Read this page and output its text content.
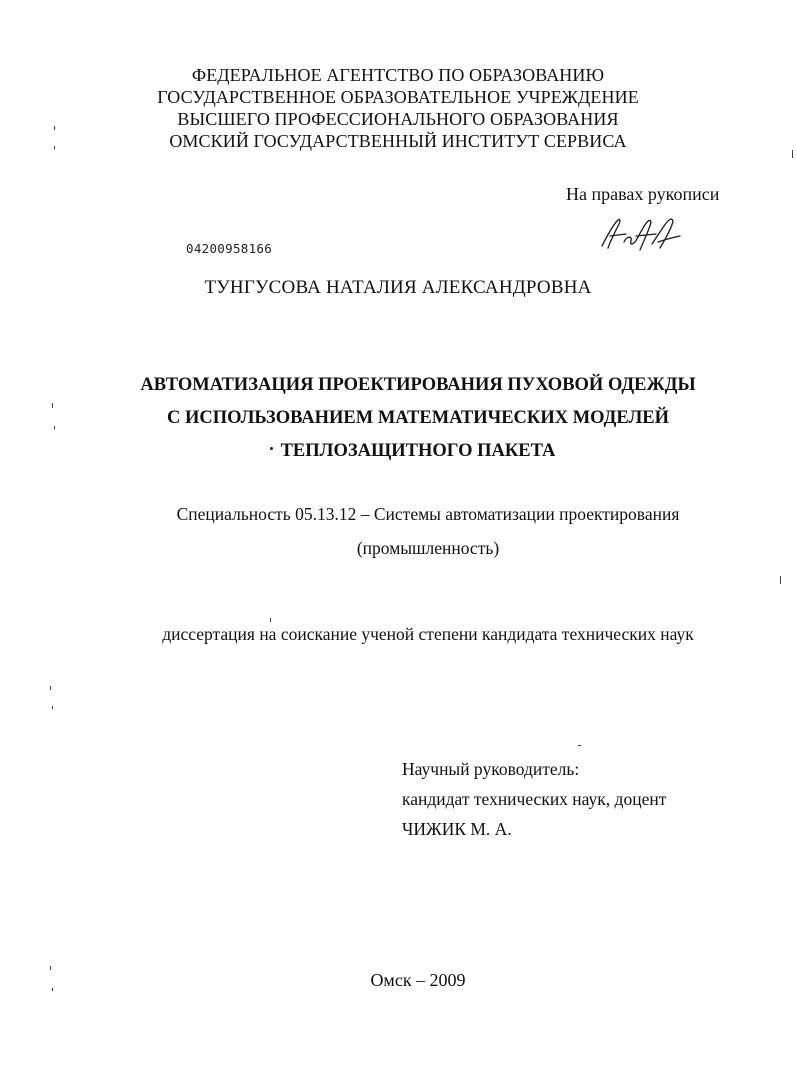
ФЕДЕРАЛЬНОЕ АГЕНТСТВО ПО ОБРАЗОВАНИЮ
ГОСУДАРСТВЕННОЕ ОБРАЗОВАТЕЛЬНОЕ УЧРЕЖДЕНИЕ
ВЫСШЕГО ПРОФЕССИОНАЛЬНОГО ОБРАЗОВАНИЯ
ОМСКИЙ ГОСУДАРСТВЕННЫЙ ИНСТИТУТ СЕРВИСА
На правах рукописи
04200958166
ТУНГУСОВА НАТАЛИЯ АЛЕКСАНДРОВНА
АВТОМАТИЗАЦИЯ ПРОЕКТИРОВАНИЯ ПУХОВОЙ ОДЕЖДЫ
С ИСПОЛЬЗОВАНИЕМ МАТЕМАТИЧЕСКИХ МОДЕЛЕЙ
ТЕПЛОЗАЩИТНОГО ПАКЕТА
Специальность 05.13.12 – Системы автоматизации проектирования
(промышленность)
диссертация на соискание ученой степени кандидата технических наук
Научный руководитель:
кандидат технических наук, доцент
ЧИЖИК М. А.
Омск – 2009
